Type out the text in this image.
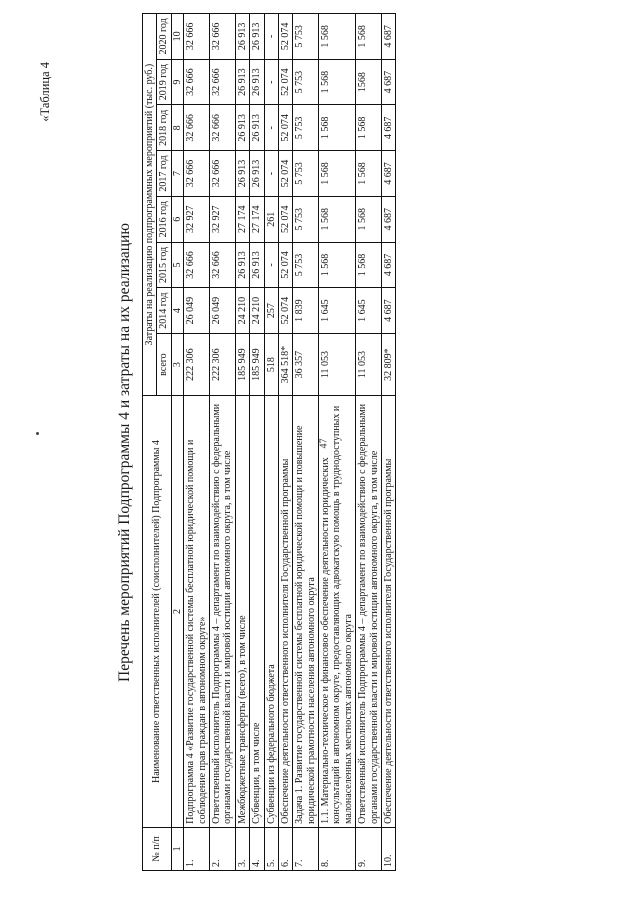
47
«Таблица 4
Перечень мероприятий Подпрограммы 4 и затраты на их реализацию
№ п/п	Наименование ответственных исполнителей (соисполнителей) Подпрограммы 4	Затраты на реализацию подпрограммных мероприятий (тыс. руб.)							
		всего	2014 год	2015 год	2016 год	2017 год	2018 год	2019 год	2020 год

1	2	3	4	5	6	7	8	9	10
1.	Подпрограмма 4 «Развитие государственной системы бесплатной юридической помощи и соблюдение прав граждан в автономном округе»	222 306	26 049	32 666	32 927	32 666	32 666	32 666	32 666
2.	Ответственный исполнитель Подпрограммы 4 – департамент по взаимодействию с федеральными органами государственной власти и мировой юстиции автономного округа, в том числе	222 306	26 049	32 666	32 927	32 666	32 666	32 666	32 666
3.	Межбюджетные трансферты (всего), в том числе	185 949	24 210	26 913	27 174	26 913	26 913	26 913	26 913
4.	Субвенции, в том числе	185 949	24 210	26 913	27 174	26 913	26 913	26 913	26 913
5.	Субвенции из федерального бюджета	518	257	-	261	-	-	-	-
6.	Обеспечение деятельности ответственного исполнителя Государственной программы	364 518*	52 074	52 074	52 074	52 074	52 074	52 074	52 074
7.	Задача 1. Развитие государственной системы бесплатной юридической помощи и повышение юридической грамотности населения автономного округа	36 357	1 839	5 753	5 753	5 753	5 753	5 753	5 753
8.	1.1. Материально-техническое и финансовое обеспечение деятельности юридических консультаций в автономном округе, предоставляющих адвокатскую помощь в труднодоступных и малонаселенных местностях автономного округа	11 053	1 645	1 568	1 568	1 568	1 568	1 568	1 568
9.	Ответственный исполнитель Подпрограммы 4 – департамент по взаимодействию с федеральными органами государственной власти и мировой юстиции автономного округа, в том числе	11 053	1 645	1 568	1 568	1 568	1 568	1568	1 568
10.	Обеспечение деятельности ответственного исполнителя Государственной программы	32 809*	4 687	4 687	4 687	4 687	4 687	4 687	4 687
